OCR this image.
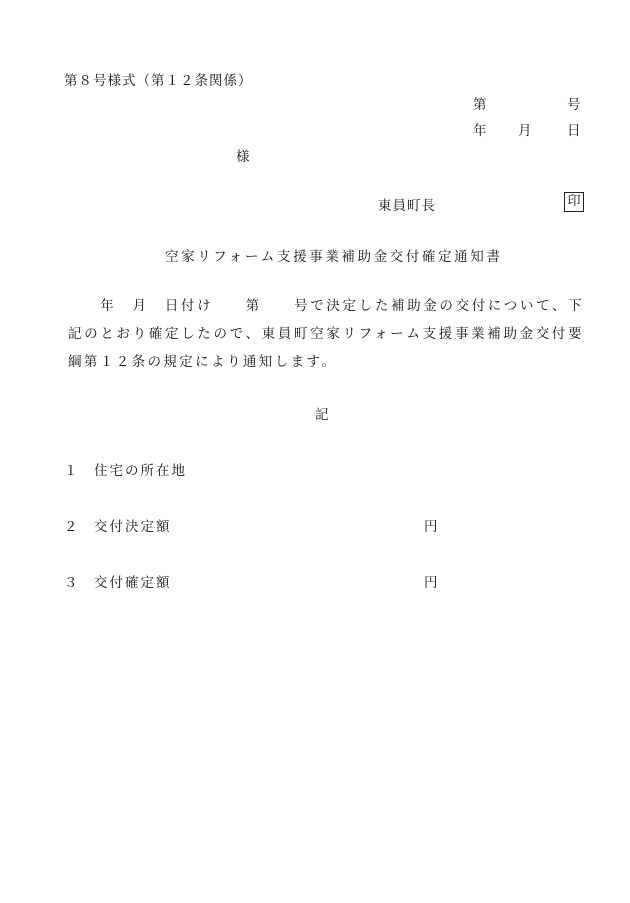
第８号様式（第１２条関係）
第	号
年 月	日
様
東員町長	印
空家リフォーム支援事業補助金交付確定通知書
　　年　月　日付け　　第　　号で決定した補助金の交付について、下記のとおり確定したので、東員町空家リフォーム支援事業補助金交付要綱第１２条の規定により通知します。
記
１ 住宅の所在地
２ 交付決定額	円
３ 交付確定額	円
